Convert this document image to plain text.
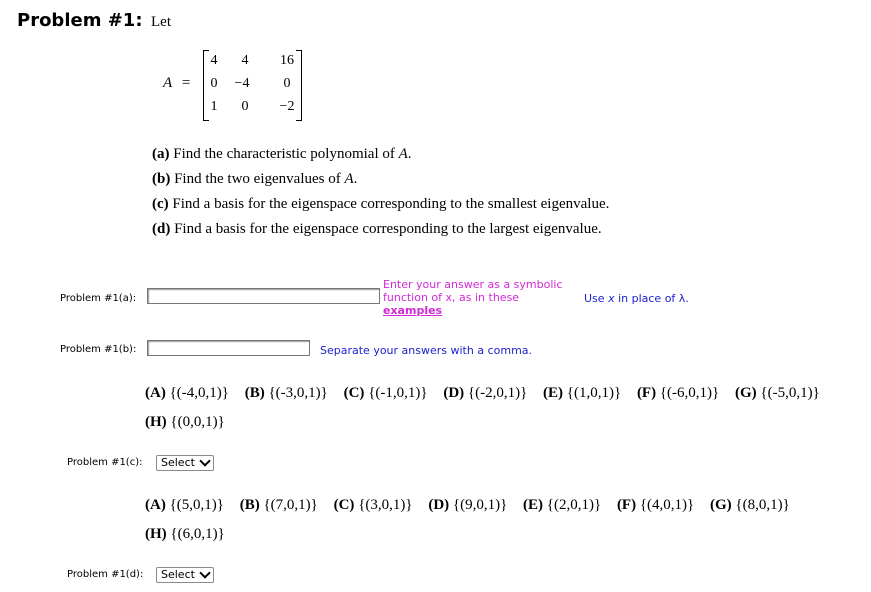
Problem #1: Let
A =
4	4	16
0	−4	0
1	0	−2
(a) Find the characteristic polynomial of A.
(b) Find the two eigenvalues of A.
(c) Find a basis for the eigenspace corresponding to the smallest eigenvalue.
(d) Find a basis for the eigenspace corresponding to the largest eigenvalue.
Problem #1(a):
Enter your answer as a symbolic
function of x, as in these
examples
Use x in place of λ.
Problem #1(b):	Separate your answers with a comma.
(A) {(-4,0,1)} (B) {(-3,0,1)} (C) {(-1,0,1)} (D) {(-2,0,1)} (E) {(1,0,1)} (F) {(-6,0,1)} (G) {(-5,0,1)}
(H) {(0,0,1)}
Problem #1(c): Select
(A) {(5,0,1)} (B) {(7,0,1)} (C) {(3,0,1)} (D) {(9,0,1)} (E) {(2,0,1)} (F) {(4,0,1)} (G) {(8,0,1)}
(H) {(6,0,1)}
Problem #1(d): Select
